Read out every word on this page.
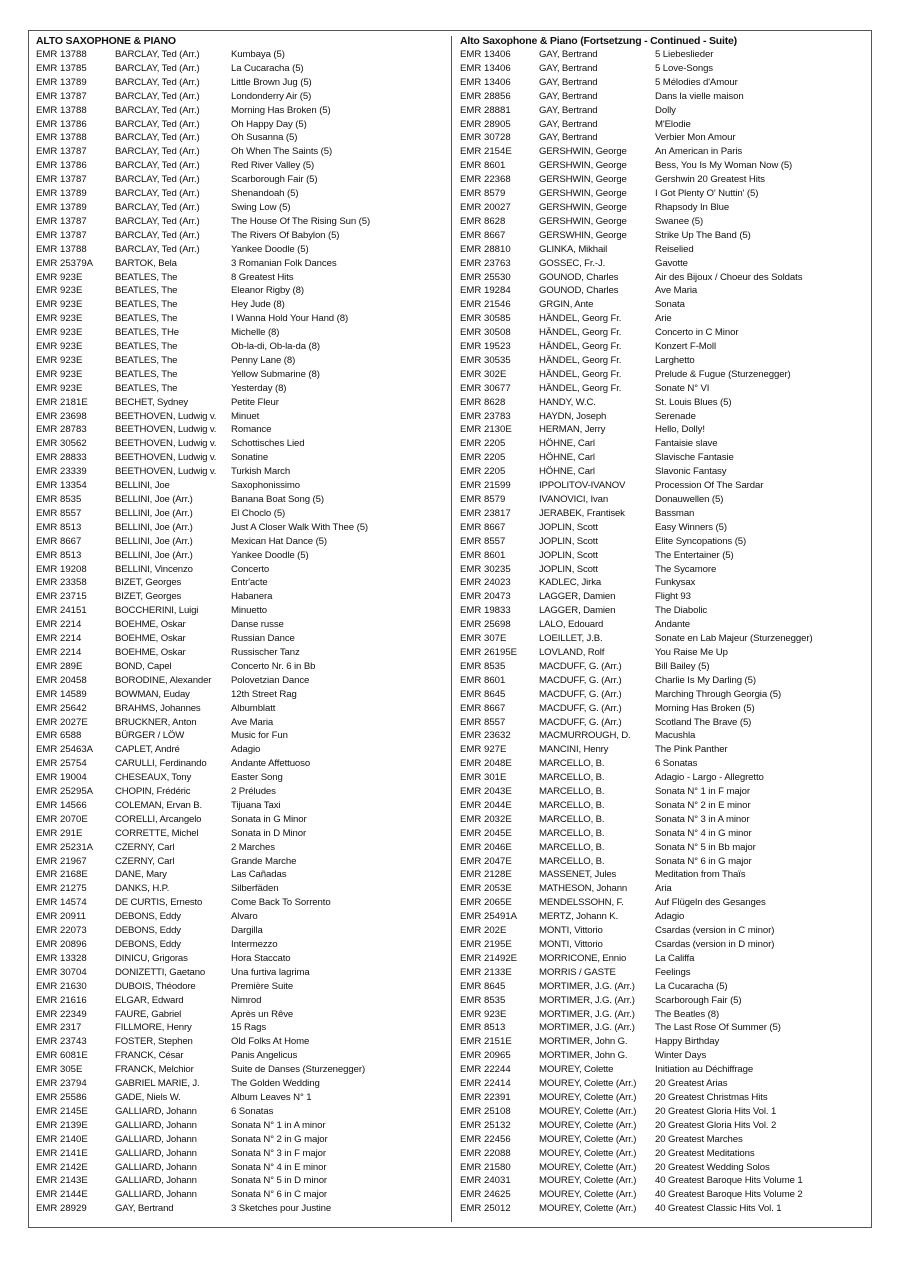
ALTO SAXOPHONE & PIANO
EMR 13788	BARCLAY, Ted (Arr.)	Kumbaya (5)
EMR 13785	BARCLAY, Ted (Arr.)	La Cucaracha (5)
EMR 13789	BARCLAY, Ted (Arr.)	Little Brown Jug (5)
EMR 13787	BARCLAY, Ted (Arr.)	Londonderry Air (5)
EMR 13788	BARCLAY, Ted (Arr.)	Morning Has Broken (5)
EMR 13786	BARCLAY, Ted (Arr.)	Oh Happy Day (5)
EMR 13788	BARCLAY, Ted (Arr.)	Oh Susanna (5)
EMR 13787	BARCLAY, Ted (Arr.)	Oh When The Saints (5)
EMR 13786	BARCLAY, Ted (Arr.)	Red River Valley (5)
EMR 13787	BARCLAY, Ted (Arr.)	Scarborough Fair (5)
EMR 13789	BARCLAY, Ted (Arr.)	Shenandoah (5)
EMR 13789	BARCLAY, Ted (Arr.)	Swing Low (5)
EMR 13787	BARCLAY, Ted (Arr.)	The House Of The Rising Sun (5)
EMR 13787	BARCLAY, Ted (Arr.)	The Rivers Of Babylon (5)
EMR 13788	BARCLAY, Ted (Arr.)	Yankee Doodle (5)
EMR 25379A	BARTOK, Bela	3 Romanian Folk Dances
EMR 923E	BEATLES, The	8 Greatest Hits
EMR 923E	BEATLES, The	Eleanor Rigby (8)
EMR 923E	BEATLES, The	Hey Jude (8)
EMR 923E	BEATLES, The	I Wanna Hold Your Hand (8)
EMR 923E	BEATLES, THe	Michelle (8)
EMR 923E	BEATLES, The	Ob-la-di, Ob-la-da (8)
EMR 923E	BEATLES, The	Penny Lane (8)
EMR 923E	BEATLES, The	Yellow Submarine (8)
EMR 923E	BEATLES, The	Yesterday (8)
EMR 2181E	BECHET, Sydney	Petite Fleur
EMR 23698	BEETHOVEN, Ludwig v.	Minuet
EMR 28783	BEETHOVEN, Ludwig v.	Romance
EMR 30562	BEETHOVEN, Ludwig v.	Schottisches Lied
EMR 28833	BEETHOVEN, Ludwig v.	Sonatine
EMR 23339	BEETHOVEN, Ludwig v.	Turkish March
EMR 13354	BELLINI, Joe	Saxophonissimo
EMR 8535	BELLINI, Joe (Arr.)	Banana Boat Song (5)
EMR 8557	BELLINI, Joe (Arr.)	El Choclo (5)
EMR 8513	BELLINI, Joe (Arr.)	Just A Closer Walk With Thee (5)
EMR 8667	BELLINI, Joe (Arr.)	Mexican Hat Dance (5)
EMR 8513	BELLINI, Joe (Arr.)	Yankee Doodle (5)
EMR 19208	BELLINI, Vincenzo	Concerto
EMR 23358	BIZET, Georges	Entr'acte
EMR 23715	BIZET, Georges	Habanera
EMR 24151	BOCCHERINI, Luigi	Minuetto
EMR 2214	BOEHME, Oskar	Danse russe
EMR 2214	BOEHME, Oskar	Russian Dance
EMR 2214	BOEHME, Oskar	Russischer Tanz
EMR 289E	BOND, Capel	Concerto Nr. 6 in Bb
EMR 20458	BORODINE, Alexander	Polovetzian Dance
EMR 14589	BOWMAN, Euday	12th Street Rag
EMR 25642	BRAHMS, Johannes	Albumblatt
EMR 2027E	BRUCKNER, Anton	Ave Maria
EMR 6588	BÜRGER / LÖW	Music for Fun
EMR 25463A	CAPLET, André	Adagio
EMR 25754	CARULLI, Ferdinando	Andante Affettuoso
EMR 19004	CHESEAUX, Tony	Easter Song
EMR 25295A	CHOPIN, Frédéric	2 Préludes
EMR 14566	COLEMAN, Ervan B.	Tijuana Taxi
EMR 2070E	CORELLI, Arcangelo	Sonata in G Minor
EMR 291E	CORRETTE, Michel	Sonata in D Minor
EMR 25231A	CZERNY, Carl	2 Marches
EMR 21967	CZERNY, Carl	Grande Marche
EMR 2168E	DANE, Mary	Las Cañadas
EMR 21275	DANKS, H.P.	Silberfäden
EMR 14574	DE CURTIS, Ernesto	Come Back To Sorrento
EMR 20911	DEBONS, Eddy	Alvaro
EMR 22073	DEBONS, Eddy	Dargilla
EMR 20896	DEBONS, Eddy	Intermezzo
EMR 13328	DINICU, Grigoras	Hora Staccato
EMR 30704	DONIZETTI, Gaetano	Una furtiva lagrima
EMR 21630	DUBOIS, Théodore	Première Suite
EMR 21616	ELGAR, Edward	Nimrod
EMR 22349	FAURE, Gabriel	Après un Rêve
EMR 2317	FILLMORE, Henry	15 Rags
EMR 23743	FOSTER, Stephen	Old Folks At Home
EMR 6081E	FRANCK, César	Panis Angelicus
EMR 305E	FRANCK, Melchior	Suite de Danses (Sturzenegger)
EMR 23794	GABRIEL MARIE, J.	The Golden Wedding
EMR 25586	GADE, Niels W.	Album Leaves N° 1
EMR 2145E	GALLIARD, Johann	6 Sonatas
EMR 2139E	GALLIARD, Johann	Sonata N° 1 in A minor
EMR 2140E	GALLIARD, Johann	Sonata N° 2 in G major
EMR 2141E	GALLIARD, Johann	Sonata N° 3 in F major
EMR 2142E	GALLIARD, Johann	Sonata N° 4 in E minor
EMR 2143E	GALLIARD, Johann	Sonata N° 5 in D minor
EMR 2144E	GALLIARD, Johann	Sonata N° 6 in C major
EMR 28929	GAY, Bertrand	3 Sketches pour Justine
Alto Saxophone & Piano (Fortsetzung - Continued - Suite)
EMR 13406	GAY, Bertrand	5 Liebeslieder
EMR 13406	GAY, Bertrand	5 Love-Songs
EMR 13406	GAY, Bertrand	5 Mélodies d'Amour
EMR 28856	GAY, Bertrand	Dans la vielle maison
EMR 28881	GAY, Bertrand	Dolly
EMR 28905	GAY, Bertrand	M'Elodie
EMR 30728	GAY, Bertrand	Verbier Mon Amour
EMR 2154E	GERSHWIN, George	An American in Paris
EMR 8601	GERSHWIN, George	Bess, You Is My Woman Now (5)
EMR 22368	GERSHWIN, George	Gershwin 20 Greatest Hits
EMR 8579	GERSHWIN, George	I Got Plenty O' Nuttin' (5)
EMR 20027	GERSHWIN, George	Rhapsody In Blue
EMR 8628	GERSHWIN, George	Swanee (5)
EMR 8667	GERSWHIN, George	Strike Up The Band (5)
EMR 28810	GLINKA, Mikhail	Reiselied
EMR 23763	GOSSEC, Fr.-J.	Gavotte
EMR 25530	GOUNOD, Charles	Air des Bijoux / Choeur des Soldats
EMR 19284	GOUNOD, Charles	Ave Maria
EMR 21546	GRGIN, Ante	Sonata
EMR 30585	HÄNDEL, Georg Fr.	Arie
EMR 30508	HÄNDEL, Georg Fr.	Concerto in C Minor
EMR 19523	HÄNDEL, Georg Fr.	Konzert F-Moll
EMR 30535	HÄNDEL, Georg Fr.	Larghetto
EMR 302E	HÄNDEL, Georg Fr.	Prelude & Fugue (Sturzenegger)
EMR 30677	HÄNDEL, Georg Fr.	Sonate N° VI
EMR 8628	HANDY, W.C.	St. Louis Blues (5)
EMR 23783	HAYDN, Joseph	Serenade
EMR 2130E	HERMAN, Jerry	Hello, Dolly!
EMR 2205	HÖHNE, Carl	Fantaisie slave
EMR 2205	HÖHNE, Carl	Slavische Fantasie
EMR 2205	HÖHNE, Carl	Slavonic Fantasy
EMR 21599	IPPOLITOV-IVANOV	Procession Of The Sardar
EMR 8579	IVANOVICI, Ivan	Donauwellen (5)
EMR 23817	JERABEK, Frantisek	Bassman
EMR 8667	JOPLIN, Scott	Easy Winners (5)
EMR 8557	JOPLIN, Scott	Elite Syncopations (5)
EMR 8601	JOPLIN, Scott	The Entertainer (5)
EMR 30235	JOPLIN, Scott	The Sycamore
EMR 24023	KADLEC, Jirka	Funkysax
EMR 20473	LAGGER, Damien	Flight 93
EMR 19833	LAGGER, Damien	The Diabolic
EMR 25698	LALO, Edouard	Andante
EMR 307E	LOEILLET, J.B.	Sonate en Lab Majeur (Sturzenegger)
EMR 26195E	LOVLAND, Rolf	You Raise Me Up
EMR 8535	MACDUFF, G. (Arr.)	Bill Bailey (5)
EMR 8601	MACDUFF, G. (Arr.)	Charlie Is My Darling (5)
EMR 8645	MACDUFF, G. (Arr.)	Marching Through Georgia (5)
EMR 8667	MACDUFF, G. (Arr.)	Morning Has Broken (5)
EMR 8557	MACDUFF, G. (Arr.)	Scotland The Brave (5)
EMR 23632	MACMURROUGH, D.	Macushla
EMR 927E	MANCINI, Henry	The Pink Panther
EMR 2048E	MARCELLO, B.	6 Sonatas
EMR 301E	MARCELLO, B.	Adagio - Largo - Allegretto
EMR 2043E	MARCELLO, B.	Sonata N° 1 in F major
EMR 2044E	MARCELLO, B.	Sonata N° 2 in E minor
EMR 2032E	MARCELLO, B.	Sonata N° 3 in A minor
EMR 2045E	MARCELLO, B.	Sonata N° 4 in G minor
EMR 2046E	MARCELLO, B.	Sonata N° 5 in Bb major
EMR 2047E	MARCELLO, B.	Sonata N° 6 in G major
EMR 2128E	MASSENET, Jules	Meditation from Thaïs
EMR 2053E	MATHESON, Johann	Aria
EMR 2065E	MENDELSSOHN, F.	Auf Flügeln des Gesanges
EMR 25491A	MERTZ, Johann K.	Adagio
EMR 202E	MONTI, Vittorio	Csardas (version in C minor)
EMR 2195E	MONTI, Vittorio	Csardas (version in D minor)
EMR 21492E	MORRICONE, Ennio	La Califfa
EMR 2133E	MORRIS / GASTE	Feelings
EMR 8645	MORTIMER, J.G. (Arr.)	La Cucaracha (5)
EMR 8535	MORTIMER, J.G. (Arr.)	Scarborough Fair (5)
EMR 923E	MORTIMER, J.G. (Arr.)	The Beatles (8)
EMR 8513	MORTIMER, J.G. (Arr.)	The Last Rose Of Summer (5)
EMR 2151E	MORTIMER, John G.	Happy Birthday
EMR 20965	MORTIMER, John G.	Winter Days
EMR 22244	MOUREY, Colette	Initiation au Déchiffrage
EMR 22414	MOUREY, Colette (Arr.)	20 Greatest Arias
EMR 22391	MOUREY, Colette (Arr.)	20 Greatest Christmas Hits
EMR 25108	MOUREY, Colette (Arr.)	20 Greatest Gloria Hits Vol. 1
EMR 25132	MOUREY, Colette (Arr.)	20 Greatest Gloria Hits Vol. 2
EMR 22456	MOUREY, Colette (Arr.)	20 Greatest Marches
EMR 22088	MOUREY, Colette (Arr.)	20 Greatest Meditations
EMR 21580	MOUREY, Colette (Arr.)	20 Greatest Wedding Solos
EMR 24031	MOUREY, Colette (Arr.)	40 Greatest Baroque Hits Volume 1
EMR 24625	MOUREY, Colette (Arr.)	40 Greatest Baroque Hits Volume 2
EMR 25012	MOUREY, Colette (Arr.)	40 Greatest Classic Hits Vol. 1
